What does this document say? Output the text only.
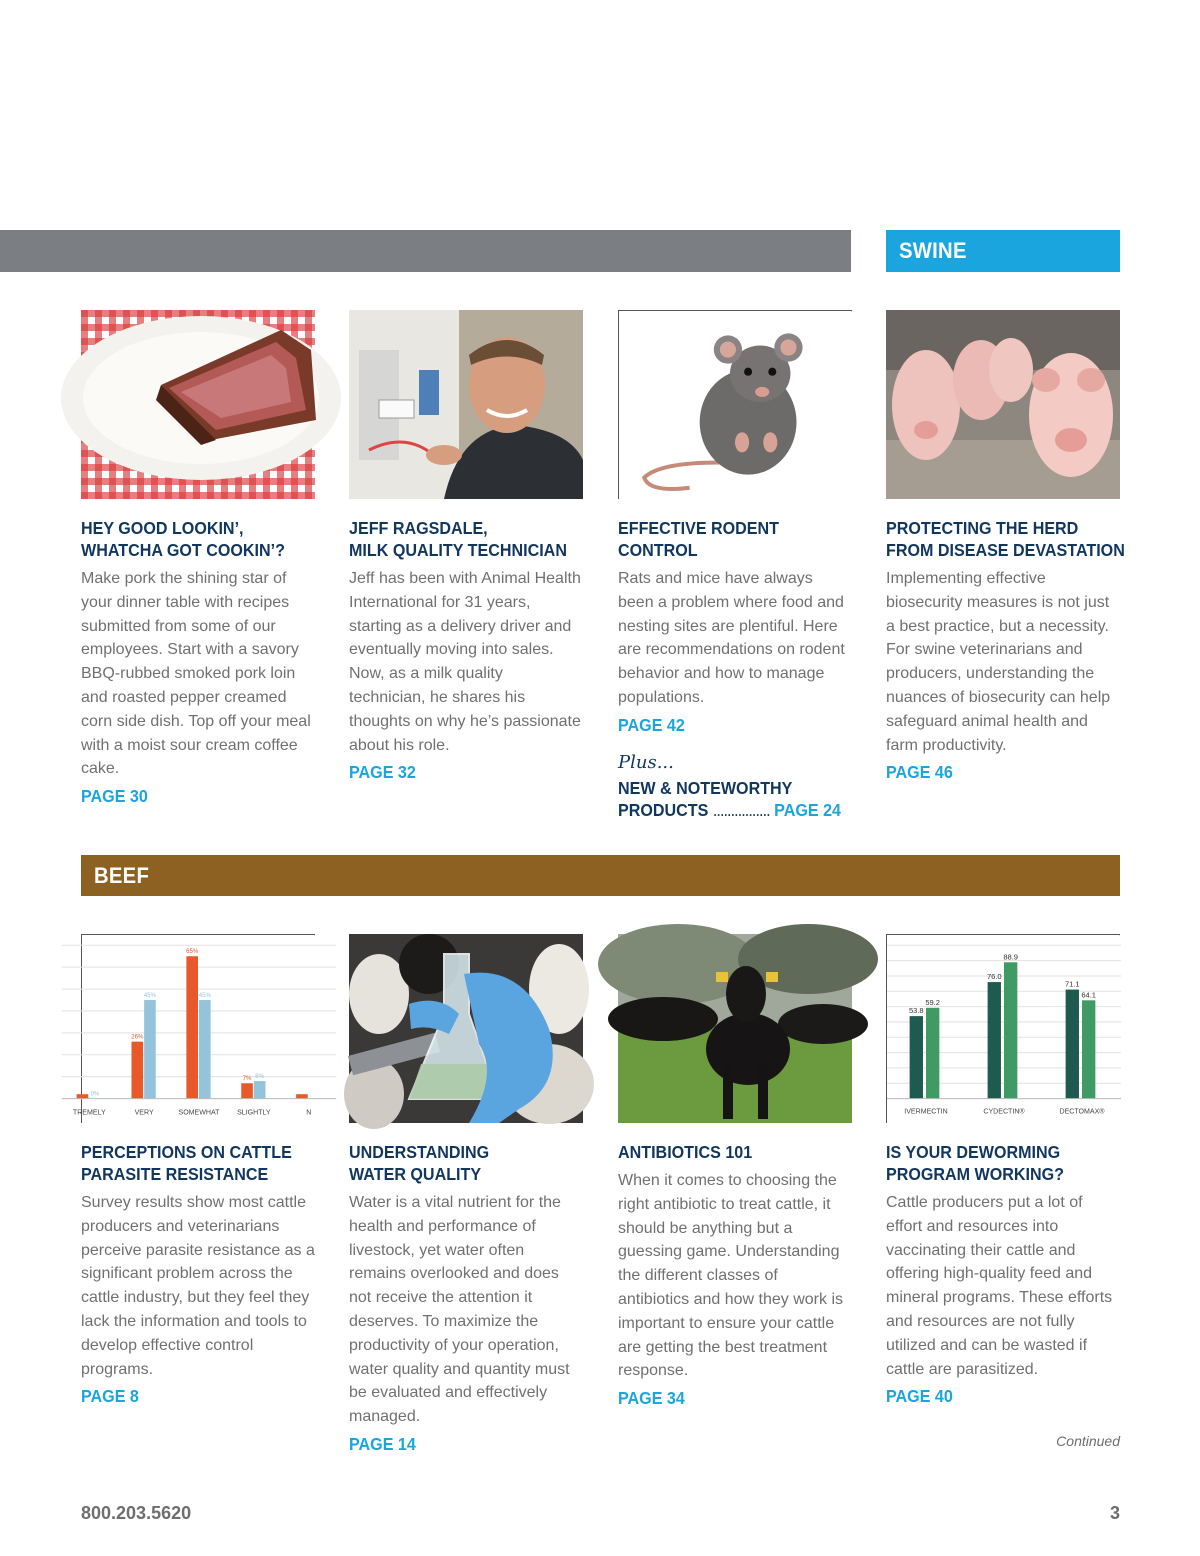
SWINE
HEY GOOD LOOKIN’,
WHATCHA GOT COOKIN’?
Make pork the shining star of your dinner table with recipes submitted from some of our employees. Start with a savory BBQ-rubbed smoked pork loin and roasted pepper creamed corn side dish. Top off your meal with a moist sour cream coffee cake.
PAGE 30
JEFF RAGSDALE,
MILK QUALITY TECHNICIAN
Jeff has been with Animal Health International for 31 years, starting as a delivery driver and eventually moving into sales. Now, as a milk quality technician, he shares his thoughts on why he’s passionate about his role.
PAGE 32
EFFECTIVE RODENT CONTROL
Rats and mice have always been a problem where food and nesting sites are plentiful. Here are recommendations on rodent behavior and how to manage populations.
PAGE 42
Plus...
NEW & NOTEWORTHY
PRODUCTS ................ PAGE 24
PROTECTING THE HERD
FROM DISEASE DEVASTATION
Implementing effective biosecurity measures is not just a best practice, but a necessity. For swine veterinarians and producers, understanding the nuances of biosecurity can help safeguard animal health and farm productivity.
PAGE 46
BEEF
0%
TREMELY
26%
45%
VERY
65%
45%
SOMEWHAT
7% 8%
SLIGHTLY	N
PERCEPTIONS ON CATTLE
PARASITE RESISTANCE
Survey results show most cattle producers and veterinarians perceive parasite resistance as a significant problem across the cattle industry, but they feel they lack the information and tools to develop effective control programs.
PAGE 8
UNDERSTANDING
WATER QUALITY
Water is a vital nutrient for the health and performance of livestock, yet water often remains overlooked and does not receive the attention it deserves. To maximize the productivity of your operation, water quality and quantity must be evaluated and effectively managed.
PAGE 14
ANTIBIOTICS 101
When it comes to choosing the right antibiotic to treat cattle, it should be anything but a guessing game. Understanding the different classes of antibiotics and how they work is important to ensure your cattle are getting the best treatment response.
PAGE 34
53.8
59.2
IVERMECTIN
76.0
88.9
CYDECTIN®
71.1
64.1
DECTOMAX®
IS YOUR DEWORMING
PROGRAM WORKING?
Cattle producers put a lot of effort and resources into vaccinating their cattle and offering high-quality feed and mineral programs. These efforts and resources are not fully utilized and can be wasted if cattle are parasitized.
PAGE 40
Continued
800.203.5620	3
